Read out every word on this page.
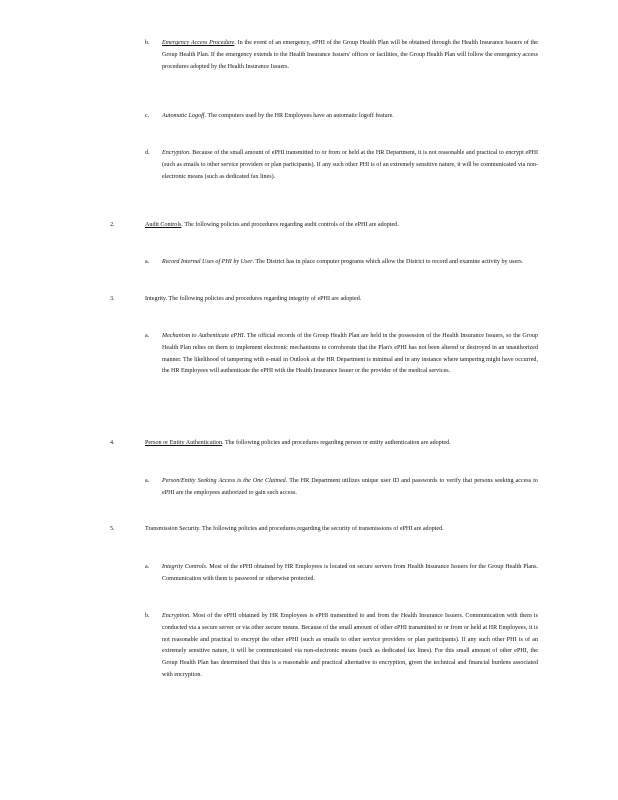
b. Emergency Access Procedure. In the event of an emergency, ePHI of the Group Health Plan will be obtained through the Health Insurance Issuers of the Group Health Plan. If the emergency extends to the Health Insurance Issuers' offices or facilities, the Group Health Plan will follow the emergency access procedures adopted by the Health Insurance Issuers.

c. Automatic Logoff. The computers used by the HR Employees have an automatic logoff feature.

d. Encryption. Because of the small amount of ePHI transmitted to or from or held at the HR Department, it is not reasonable and practical to encrypt ePHI (such as emails to other service providers or plan participants). If any such other PHI is of an extremely sensitive nature, it will be communicated via non-electronic means (such as dedicated fax lines).

2.	Audit Controls. The following policies and procedures regarding audit controls of the ePHI are adopted.

a. Record Internal Uses of PHI by User. The District has in place computer programs which allow the District to record and examine activity by users.

3.	Integrity. The following policies and procedures regarding integrity of ePHI are adopted.

a. Mechanism to Authenticate ePHI. The official records of the Group Health Plan are held in the possession of the Health Insurance Issuers, so the Group Health Plan relies on them to implement electronic mechanisms to corroborate that the Plan's ePHI has not been altered or destroyed in an unauthorized manner. The likelihood of tampering with e-mail in Outlook at the HR Department is minimal and in any instance where tampering might have occurred, the HR Employees will authenticate the ePHI with the Health Insurance Issuer or the provider of the medical services.

4.	Person or Entity Authentication. The following policies and procedures regarding person or entity authentication are adopted.

a. Person/Entity Seeking Access is the One Claimed. The HR Department utilizes unique user ID and passwords to verify that persons seeking access to ePHI are the employees authorized to gain such access.

5.	Transmission Security. The following policies and procedures regarding the security of transmissions of ePHI are adopted.

a. Integrity Controls. Most of the ePHI obtained by HR Employees is located on secure servers from Health Insurance Issuers for the Group Health Plans. Communication with them is password or otherwise protected.

b. Encryption. Most of the ePHI obtained by HR Employees is ePHI transmitted to and from the Health Insurance Issuers. Communication with them is conducted via a secure server or via other secure means. Because of the small amount of other ePHI transmitted to or from or held at HR Employees, it is not reasonable and practical to encrypt the other ePHI (such as emails to other service providers or plan participants). If any such other PHI is of an extremely sensitive nature, it will be communicated via non-electronic means (such as dedicated fax lines). For this small amount of other ePHI, the Group Health Plan has determined that this is a reasonable and practical alternative to encryption, given the technical and financial burdens associated with encryption.
